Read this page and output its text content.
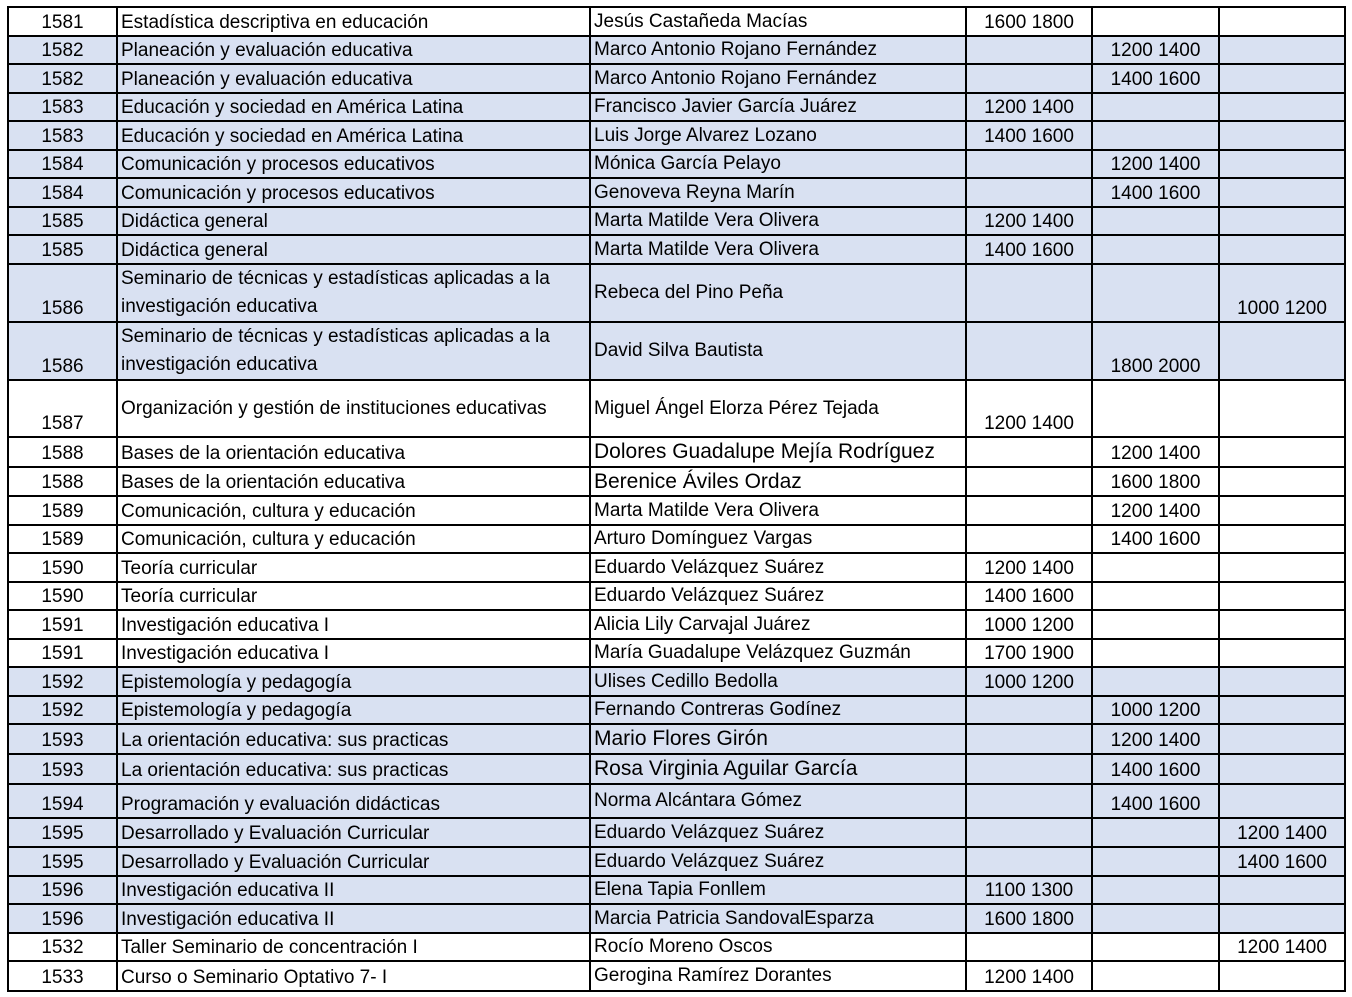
1581	Estadística descriptiva en educación	Jesús Castañeda Macías	1600 1800		
1582	Planeación y evaluación educativa	Marco Antonio Rojano Fernández		1200 1400	
1582	Planeación y evaluación educativa	Marco Antonio Rojano Fernández		1400 1600	
1583	Educación y sociedad en América Latina	Francisco Javier García Juárez	1200 1400		
1583	Educación y sociedad en América Latina	Luis Jorge Alvarez Lozano	1400 1600		
1584	Comunicación y procesos educativos	Mónica García Pelayo		1200 1400	
1584	Comunicación y procesos educativos	Genoveva Reyna Marín		1400 1600	
1585	Didáctica general	Marta Matilde Vera Olivera	1200 1400		
1585	Didáctica general	Marta Matilde Vera Olivera	1400 1600		
1586	Seminario de técnicas y estadísticas aplicadas a la investigación educativa	Rebeca del Pino Peña			1000 1200
1586	Seminario de técnicas y estadísticas aplicadas a la investigación educativa	David Silva Bautista		1800 2000	
1587	Organización y gestión de instituciones educativas	Miguel Ángel Elorza Pérez Tejada	1200 1400		
1588	Bases de la orientación educativa	Dolores Guadalupe Mejía Rodríguez		1200 1400	
1588	Bases de la orientación educativa	Berenice Áviles Ordaz		1600 1800	
1589	Comunicación, cultura y educación	Marta Matilde Vera Olivera		1200 1400	
1589	Comunicación, cultura y educación	Arturo Domínguez Vargas		1400 1600	
1590	Teoría curricular	Eduardo Velázquez Suárez	1200 1400		
1590	Teoría curricular	Eduardo Velázquez Suárez	1400 1600		
1591	Investigación educativa I	Alicia Lily Carvajal Juárez	1000 1200		
1591	Investigación educativa I	María Guadalupe Velázquez Guzmán	1700 1900		
1592	Epistemología y pedagogía	Ulises Cedillo Bedolla	1000 1200		
1592	Epistemología y pedagogía	Fernando Contreras Godínez		1000 1200	
1593	La orientación educativa: sus practicas	Mario Flores Girón		1200 1400	
1593	La orientación educativa: sus practicas	Rosa Virginia Aguilar García		1400 1600	
1594	Programación y evaluación didácticas	Norma Alcántara Gómez		1400 1600	
1595	Desarrollado y Evaluación Curricular	Eduardo Velázquez Suárez			1200 1400
1595	Desarrollado y Evaluación Curricular	Eduardo Velázquez Suárez			1400 1600
1596	Investigación educativa II	Elena Tapia Fonllem	1100 1300		
1596	Investigación educativa II	Marcia Patricia SandovalEsparza	1600 1800		
1532	Taller Seminario de concentración I	Rocío Moreno Oscos			1200 1400
1533	Curso o Seminario Optativo 7- I	Gerogina Ramírez Dorantes	1200 1400		
